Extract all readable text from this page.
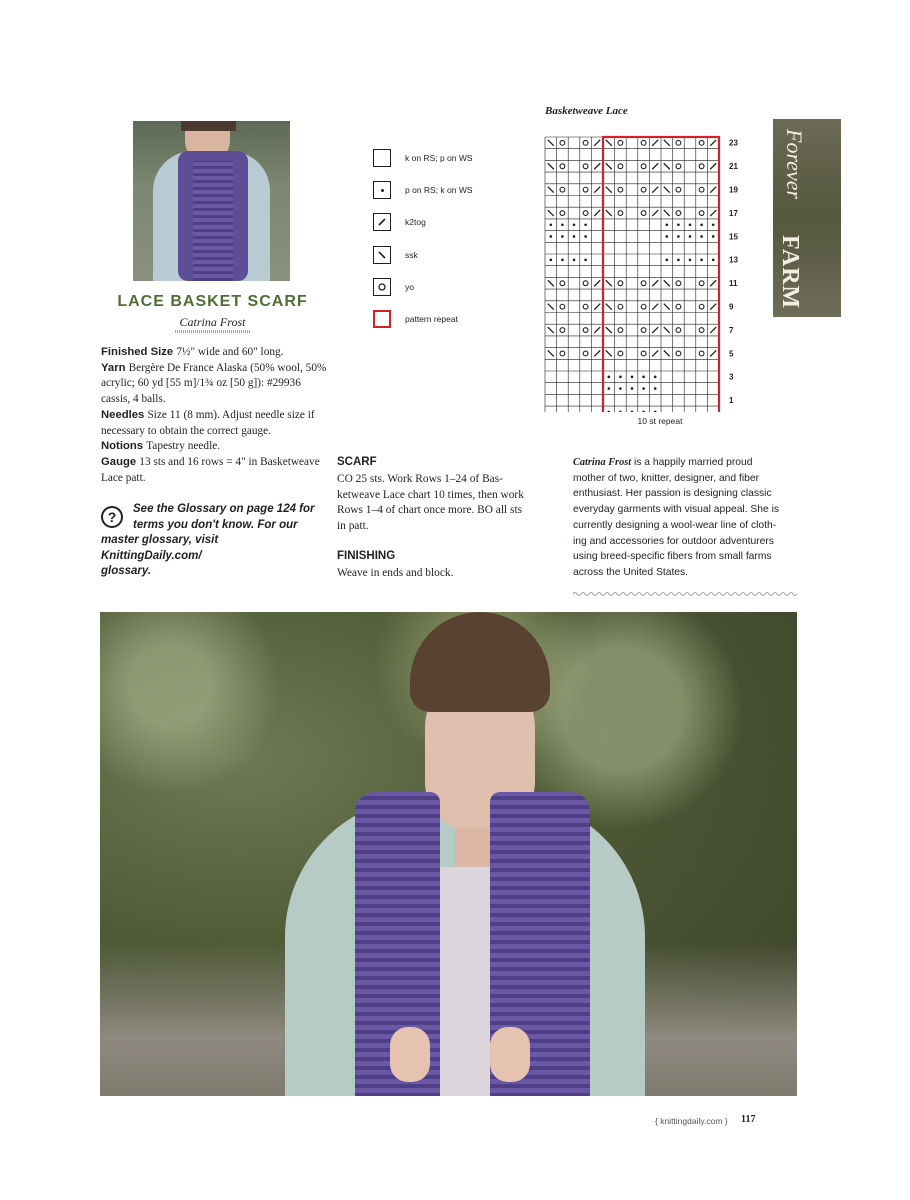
LACE BASKET SCARF
Catrina Frost

Finished Size 7½" wide and 60" long.

Yarn Bergère De France Alaska (50% wool, 50% acrylic; 60 yd [55 m]/1¾ oz [50 g]): #29936 cassis, 4 balls.

Needles Size 11 (8 mm). Adjust needle size if necessary to obtain the correct gauge.

Notions Tapestry needle.

Gauge 13 sts and 16 rows = 4" in Basketweave Lace patt.

?	See the Glossary on page 124 for
terms you don't know. For our
master glossary, visit KnittingDaily.com/
glossary.
k on RS; p on WS
p on RS; k on WS
k2tog
ssk
yo
pattern repeat
Basketweave Lace
23
21
19
17
15
13
11
9
7
5
3
1
10 st repeat
SCARF
CO 25 sts. Work Rows 1–24 of Bas-
ketweave Lace chart 10 times, then work
Rows 1–4 of chart once more. BO all sts
in patt.
FINISHING
Weave in ends and block.
Catrina Frost is a happily married proud
mother of two, knitter, designer, and fiber
enthusiast. Her passion is designing classic
everyday garments with visual appeal. She is
currently designing a wool-wear line of cloth-
ing and accessories for outdoor adventurers
using breed-specific fibers from small farms
across the United States.
Forever
FARM
{ knittingdaily.com } 117
